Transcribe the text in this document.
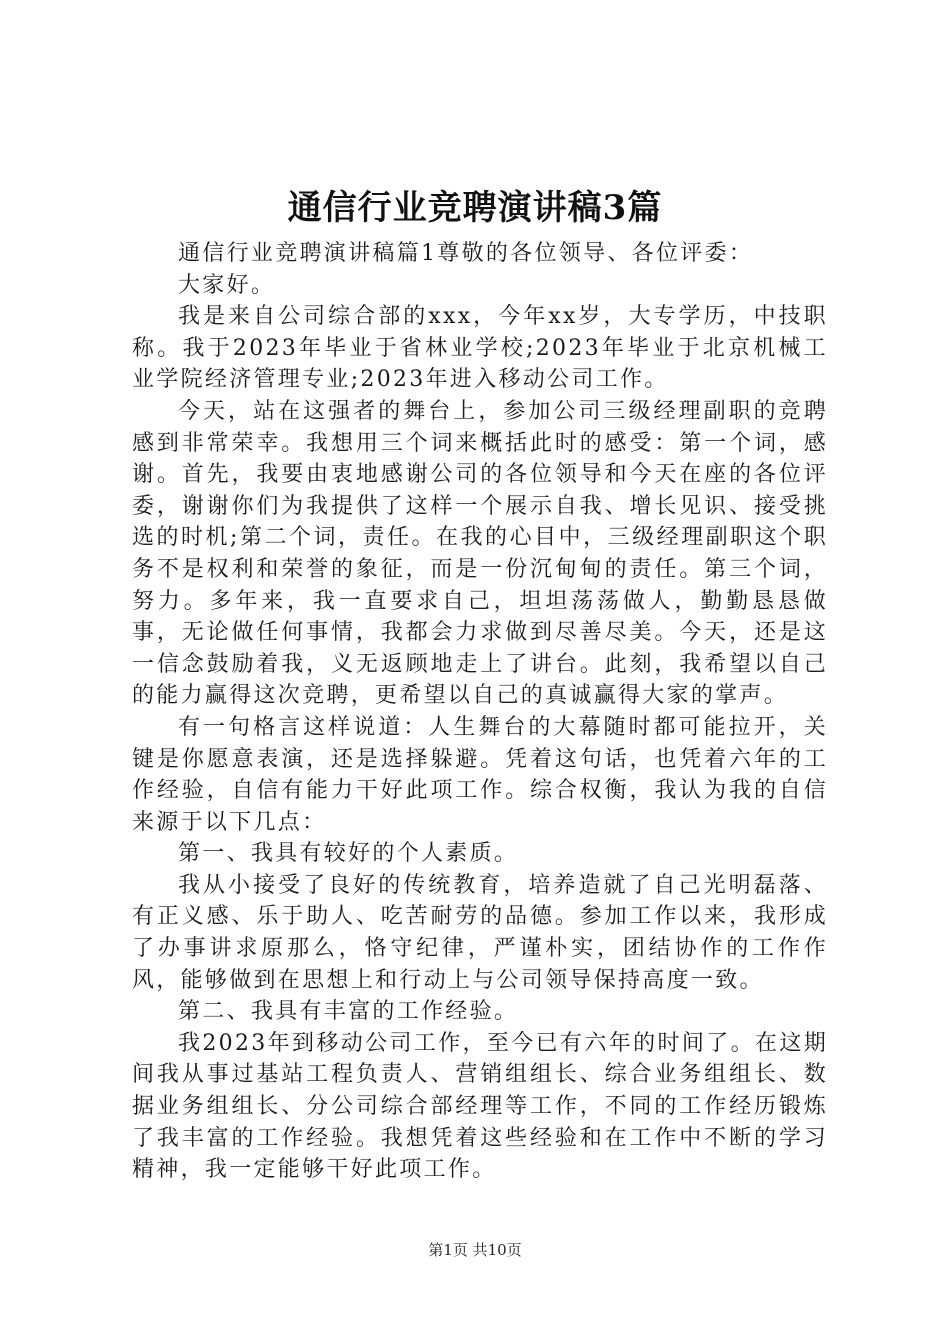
通信行业竞聘演讲稿3篇

通信行业竞聘演讲稿篇1尊敬的各位领导、各位评委：

大家好。

我是来自公司综合部的xxx，今年xx岁，大专学历，中技职称。我于2023年毕业于省林业学校;2023年毕业于北京机械工业学院经济管理专业;2023年进入移动公司工作。

今天，站在这强者的舞台上，参加公司三级经理副职的竞聘感到非常荣幸。我想用三个词来概括此时的感受：第一个词，感谢。首先，我要由衷地感谢公司的各位领导和今天在座的各位评委，谢谢你们为我提供了这样一个展示自我、增长见识、接受挑选的时机;第二个词，责任。在我的心目中，三级经理副职这个职务不是权利和荣誉的象征，而是一份沉甸甸的责任。第三个词，努力。多年来，我一直要求自己，坦坦荡荡做人，勤勤恳恳做事，无论做任何事情，我都会力求做到尽善尽美。今天，还是这一信念鼓励着我，义无返顾地走上了讲台。此刻，我希望以自己的能力赢得这次竞聘，更希望以自己的真诚赢得大家的掌声。

有一句格言这样说道：人生舞台的大幕随时都可能拉开，关键是你愿意表演，还是选择躲避。凭着这句话，也凭着六年的工作经验，自信有能力干好此项工作。综合权衡，我认为我的自信来源于以下几点：

第一、我具有较好的个人素质。

我从小接受了良好的传统教育，培养造就了自己光明磊落、有正义感、乐于助人、吃苦耐劳的品德。参加工作以来，我形成了办事讲求原那么，恪守纪律，严谨朴实，团结协作的工作作风，能够做到在思想上和行动上与公司领导保持高度一致。

第二、我具有丰富的工作经验。

我2023年到移动公司工作，至今已有六年的时间了。在这期间我从事过基站工程负责人、营销组组长、综合业务组组长、数据业务组组长、分公司综合部经理等工作，不同的工作经历锻炼了我丰富的工作经验。我想凭着这些经验和在工作中不断的学习精神，我一定能够干好此项工作。

第1页 共10页
